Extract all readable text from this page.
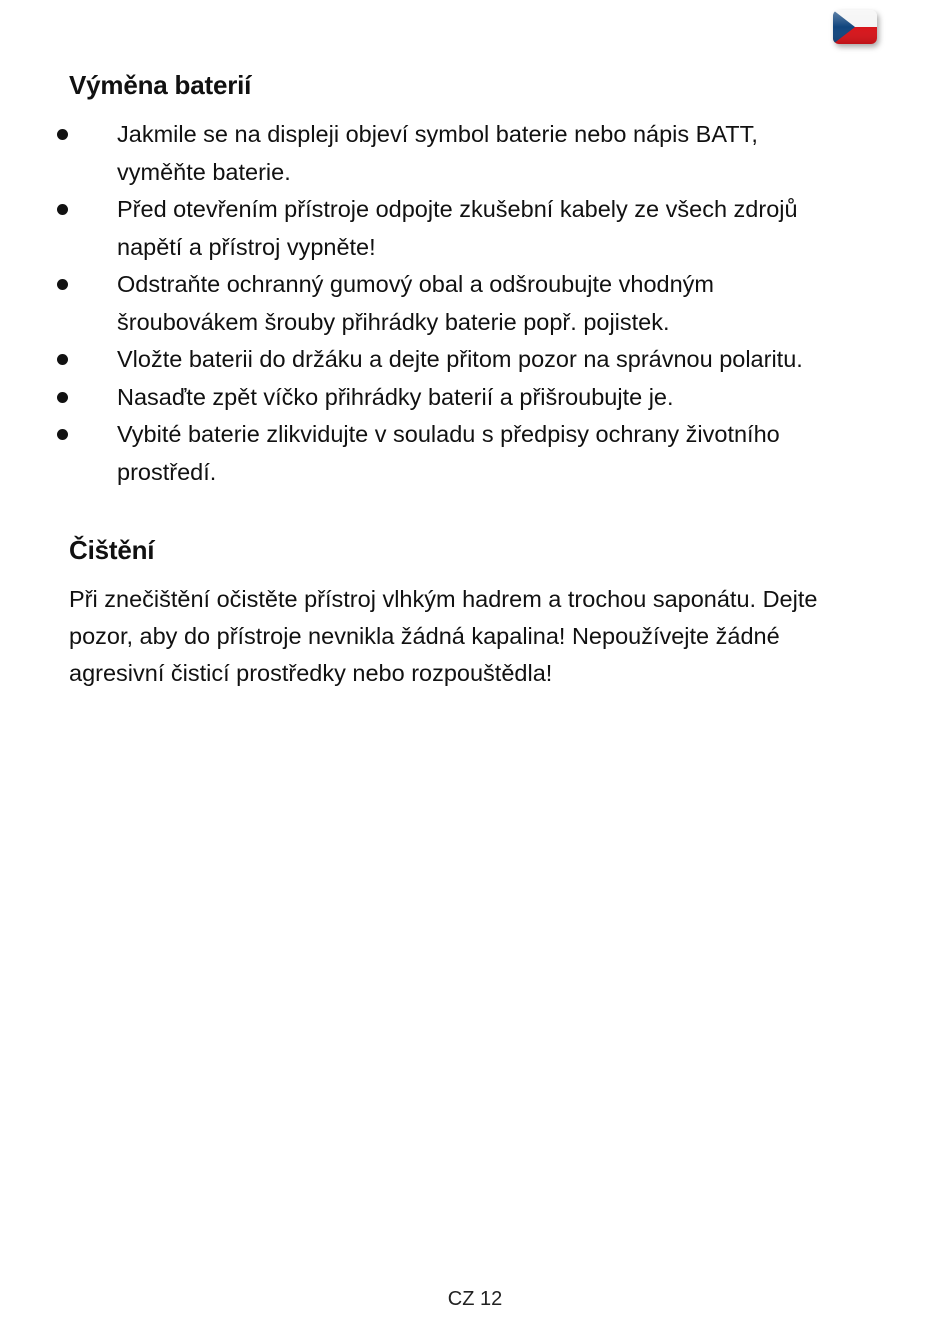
Výměna baterií
Jakmile se na displeji objeví symbol baterie nebo nápis BATT,
vyměňte baterie.
Před otevřením přístroje odpojte zkušební kabely ze všech zdrojů
napětí a přístroj vypněte!
Odstraňte ochranný gumový obal a odšroubujte vhodným
šroubovákem šrouby přihrádky baterie popř. pojistek.
Vložte baterii do držáku a dejte přitom pozor na správnou polaritu.
Nasaďte zpět víčko přihrádky baterií a přišroubujte je.
Vybité baterie zlikvidujte v souladu s předpisy ochrany životního
prostředí.
Čištění

Při znečištění očistěte přístroj vlhkým hadrem a trochou saponátu. Dejte
pozor, aby do přístroje nevnikla žádná kapalina! Nepoužívejte žádné
agresivní čisticí prostředky nebo rozpouštědla!

CZ 12
